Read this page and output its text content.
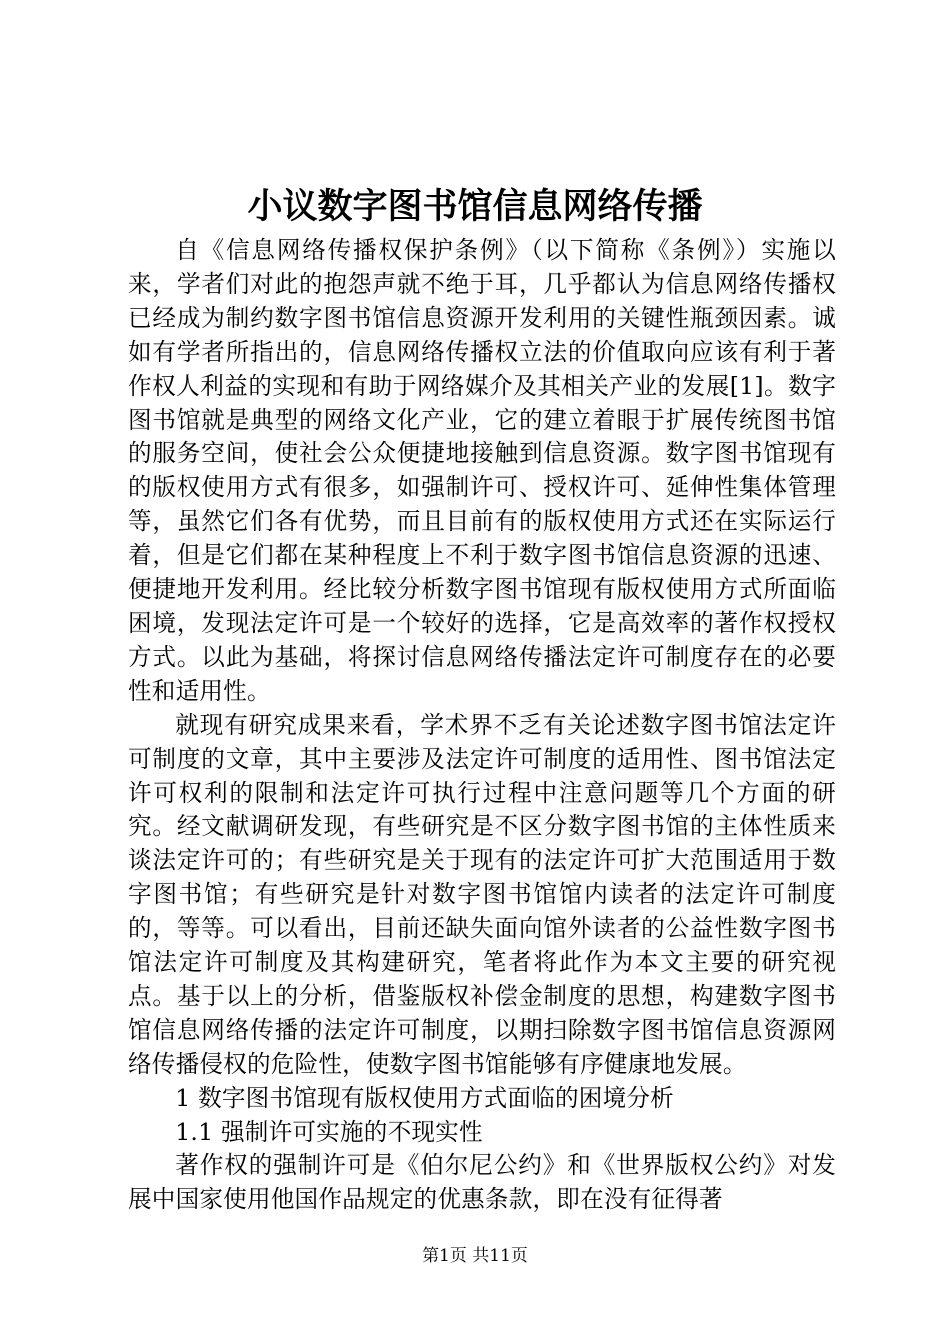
小议数字图书馆信息网络传播

自《信息网络传播权保护条例》（以下简称《条例》）实施以来，学者们对此的抱怨声就不绝于耳，几乎都认为信息网络传播权已经成为制约数字图书馆信息资源开发利用的关键性瓶颈因素。诚如有学者所指出的，信息网络传播权立法的价值取向应该有利于著作权人利益的实现和有助于网络媒介及其相关产业的发展[1]。数字图书馆就是典型的网络文化产业，它的建立着眼于扩展传统图书馆的服务空间，使社会公众便捷地接触到信息资源。数字图书馆现有的版权使用方式有很多，如强制许可、授权许可、延伸性集体管理等，虽然它们各有优势，而且目前有的版权使用方式还在实际运行着，但是它们都在某种程度上不利于数字图书馆信息资源的迅速、便捷地开发利用。经比较分析数字图书馆现有版权使用方式所面临困境，发现法定许可是一个较好的选择，它是高效率的著作权授权方式。以此为基础，将探讨信息网络传播法定许可制度存在的必要性和适用性。

就现有研究成果来看，学术界不乏有关论述数字图书馆法定许可制度的文章，其中主要涉及法定许可制度的适用性、图书馆法定许可权利的限制和法定许可执行过程中注意问题等几个方面的研究。经文献调研发现，有些研究是不区分数字图书馆的主体性质来谈法定许可的；有些研究是关于现有的法定许可扩大范围适用于数字图书馆；有些研究是针对数字图书馆馆内读者的法定许可制度的，等等。可以看出，目前还缺失面向馆外读者的公益性数字图书馆法定许可制度及其构建研究，笔者将此作为本文主要的研究视点。基于以上的分析，借鉴版权补偿金制度的思想，构建数字图书馆信息网络传播的法定许可制度，以期扫除数字图书馆信息资源网络传播侵权的危险性，使数字图书馆能够有序健康地发展。

1 数字图书馆现有版权使用方式面临的困境分析

1.1 强制许可实施的不现实性

著作权的强制许可是《伯尔尼公约》和《世界版权公约》对发展中国家使用他国作品规定的优惠条款，即在没有征得著

第1页 共11页
